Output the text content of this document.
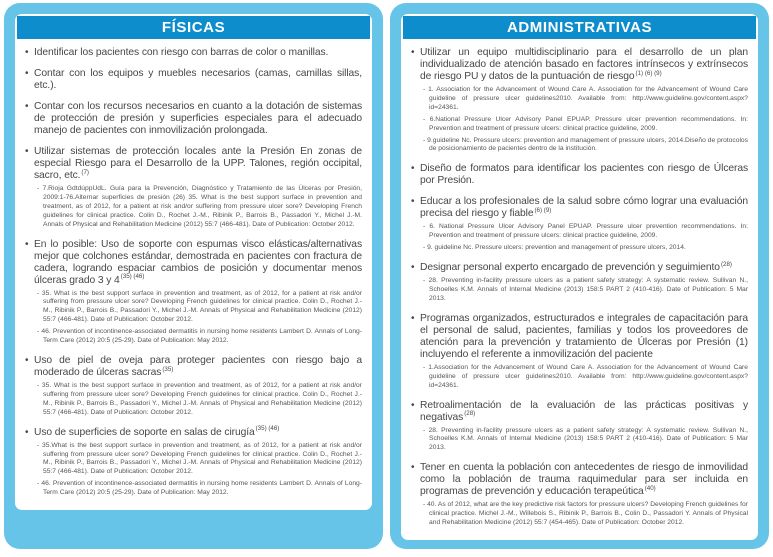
FÍSICAS
• Identificar los pacientes con riesgo con barras de color o manillas.

• Contar con los equipos y muebles necesarios (camas, camillas sillas, etc.).

• Contar con los recursos necesarios en cuanto a la dotación de sistemas de protección de presión y superficies especiales para el adecuado manejo de pacientes con inmovilización prolongada.

• Utilizar sistemas de protección locales ante la Presión En zonas de especial Riesgo para el Desarrollo de la UPP. Talones, región occipital, sacro, etc.$^{(7)}$

- 7.Rioja GdtdúppUdL. Guía para la Prevención, Diagnóstico y Tratamiento de las Úlceras por Presión, 2009:1-76.Alternar superficies de presión (26) 35. What is the best support surface in prevention and treatment, as of 2012, for a patient at risk and/or suffering from pressure ulcer sore? Developing French guidelines for clinical practice. Colin D., Rochet J.-M., Ribinik P., Barrois B., Passadori Y., Michel J.-M. Annals of Physical and Rehabilitation Medicine (2012) 55:7 (466-481). Date of Publication: October 2012.

• En lo posible: Uso de soporte con espumas visco elásticas/alternativas mejor que colchones estándar, demostrada en pacientes con fractura de cadera, logrando espaciar cambios de posición y documentar menos úlceras grado 3 y 4$^{(35) (46)}$

- 35. What is the best support surface in prevention and treatment, as of 2012, for a patient at risk and/or suffering from pressure ulcer sore? Developing French guidelines for clinical practice. Colin D., Rochet J.-M., Ribinik P., Barrois B., Passadori Y., Michel J.-M. Annals of Physical and Rehabilitation Medicine (2012) 55:7 (466-481). Date of Publication: October 2012.

- 46. Prevention of incontinence-associated dermatitis in nursing home residents Lambert D. Annals of Long-Term Care (2012) 20:5 (25-29). Date of Publication: May 2012.

• Uso de piel de oveja para proteger pacientes con riesgo bajo a moderado de úlceras sacras$^{(35)}$

- 35. What is the best support surface in prevention and treatment, as of 2012, for a patient at risk and/or suffering from pressure ulcer sore? Developing French guidelines for clinical practice. Colin D., Rochet J.-M., Ribinik P., Barrois B., Passadori Y., Michel J.-M. Annals of Physical and Rehabilitation Medicine (2012) 55:7 (466-481). Date of Publication: October 2012.

• Uso de superficies de soporte en salas de cirugía$^{(35) (46)}$

- 35.What is the best support surface in prevention and treatment, as of 2012, for a patient at risk and/or suffering from pressure ulcer sore? Developing French guidelines for clinical practice. Colin D., Rochet J.-M., Ribinik P., Barrois B., Passadori Y., Michel J.-M. Annals of Physical and Rehabilitation Medicine (2012) 55:7 (466-481). Date of Publication: October 2012.

- 46. Prevention of incontinence-associated dermatitis in nursing home residents Lambert D. Annals of Long-Term Care (2012) 20:5 (25-29). Date of Publication: May 2012.

ADMINISTRATIVAS
• Utilizar un equipo multidisciplinario para el desarrollo de un plan individualizado de atención basado en factores intrínsecos y extrínsecos de riesgo PU y datos de la puntuación de riesgo$^{(1) (6) (9)}$

- 1. Association for the Advancement of Wound Care A. Association for the Advancement of Wound Care guideline of pressure ulcer guidelines2010. Available from: http://www.guideline.gov/content.aspx?id=24361.

- 6.National Pressure Ulcer Advisory Panel EPUAP. Pressure ulcer prevention recommendations. In: Prevention and treatment of pressure ulcers: clinical practice guideline, 2009.

- 9.guideline Nc. Pressure ulcers: prevention and management of pressure ulcers, 2014.Diseño de protocolos de posicionamiento de pacientes dentro de la institución.

• Diseño de formatos para identificar los pacientes con riesgo de Úlceras por Presión.

• Educar a los profesionales de la salud sobre cómo lograr una evaluación precisa del riesgo y fiable$^{(6) (9)}$

- 6. National Pressure Ulcer Advisory Panel EPUAP. Pressure ulcer prevention recommendations. In: Prevention and treatment of pressure ulcers: clinical practice guideline, 2009.

- 9. guideline Nc. Pressure ulcers: prevention and management of pressure ulcers, 2014.

• Designar personal experto encargado de prevención y seguimiento$^{(28)}$

- 28. Preventing in-facility pressure ulcers as a patient safety strategy: A systematic review. Sullivan N., Schoelles K.M. Annals of Internal Medicine (2013) 158:5 PART 2 (410-416). Date of Publication: 5 Mar 2013.

• Programas organizados, estructurados e integrales de capacitación para el personal de salud, pacientes, familias y todos los proveedores de atención para la prevención y tratamiento de Úlceras por Presión (1) incluyendo el referente a inmovilización del paciente

- 1.Association for the Advancement of Wound Care A. Association for the Advancement of Wound Care guideline of pressure ulcer guidelines2010. Available from: http://www.guideline.gov/content.aspx?id=24361.

• Retroalimentación de la evaluación de las prácticas positivas y negativas$^{(28)}$

- 28. Preventing in-facility pressure ulcers as a patient safety strategy: A systematic review. Sullivan N., Schoelles K.M. Annals of Internal Medicine (2013) 158:5 PART 2 (410-416). Date of Publication: 5 Mar 2013.

• Tener en cuenta la población con antecedentes de riesgo de inmovilidad como la población de trauma raquimedular para ser incluida en programas de prevención y educación terapeútica$^{(40)}$

- 40. As of 2012, what are the key predictive risk factors for pressure ulcers? Developing French guidelines for clinical practice. Michel J.-M., Willebois S., Ribinik P., Barrois B., Colin D., Passadori Y. Annals of Physical and Rehabilitation Medicine (2012) 55:7 (454-465). Date of Publication: October 2012.
